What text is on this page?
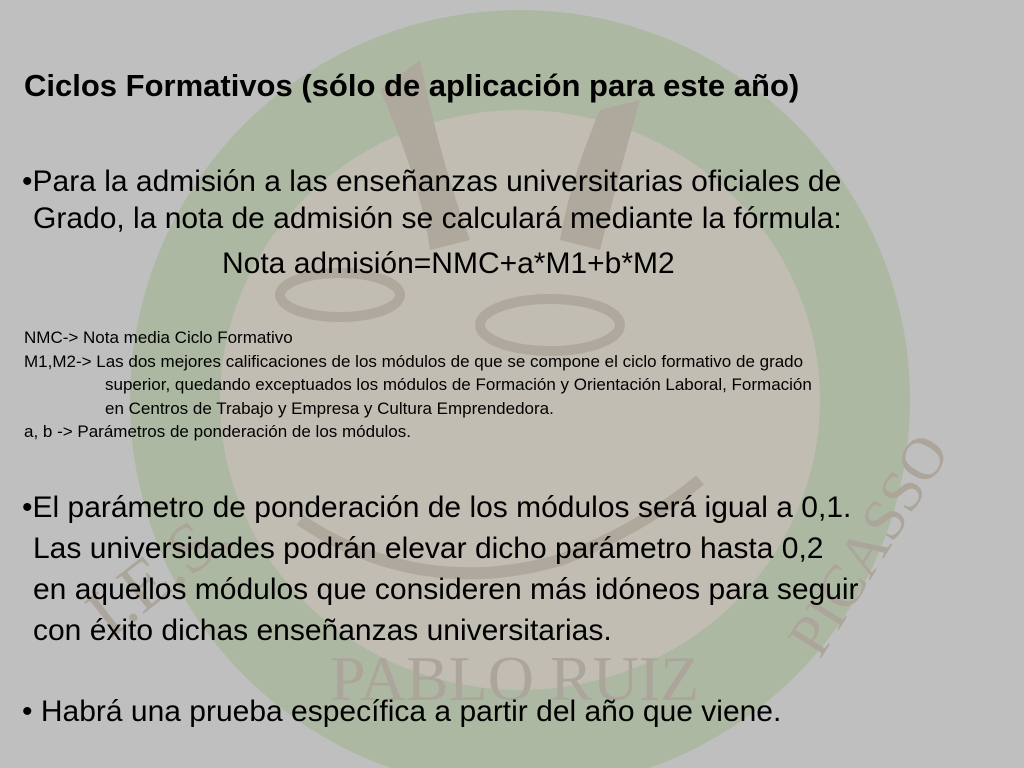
I.E.S.
PABLO RUIZ
PICASSO
Ciclos Formativos (sólo de aplicación para este año)
•Para la admisión a las enseñanzas universitarias oficiales de
Grado, la nota de admisión se calculará mediante la fórmula:
Nota admisión=NMC+a*M1+b*M2
NMC-> Nota media Ciclo Formativo
M1,M2-> Las dos mejores calificaciones de los módulos de que se compone el ciclo formativo de grado
superior, quedando exceptuados los módulos de Formación y Orientación Laboral, Formación
en Centros de Trabajo y Empresa y Cultura Emprendedora.
a, b -> Parámetros de ponderación de los módulos.
•El parámetro de ponderación de los módulos será igual a 0,1.
Las universidades podrán elevar dicho parámetro hasta 0,2
en aquellos módulos que consideren más idóneos para seguir
con éxito dichas enseñanzas universitarias.
• Habrá una prueba específica a partir del año que viene.
